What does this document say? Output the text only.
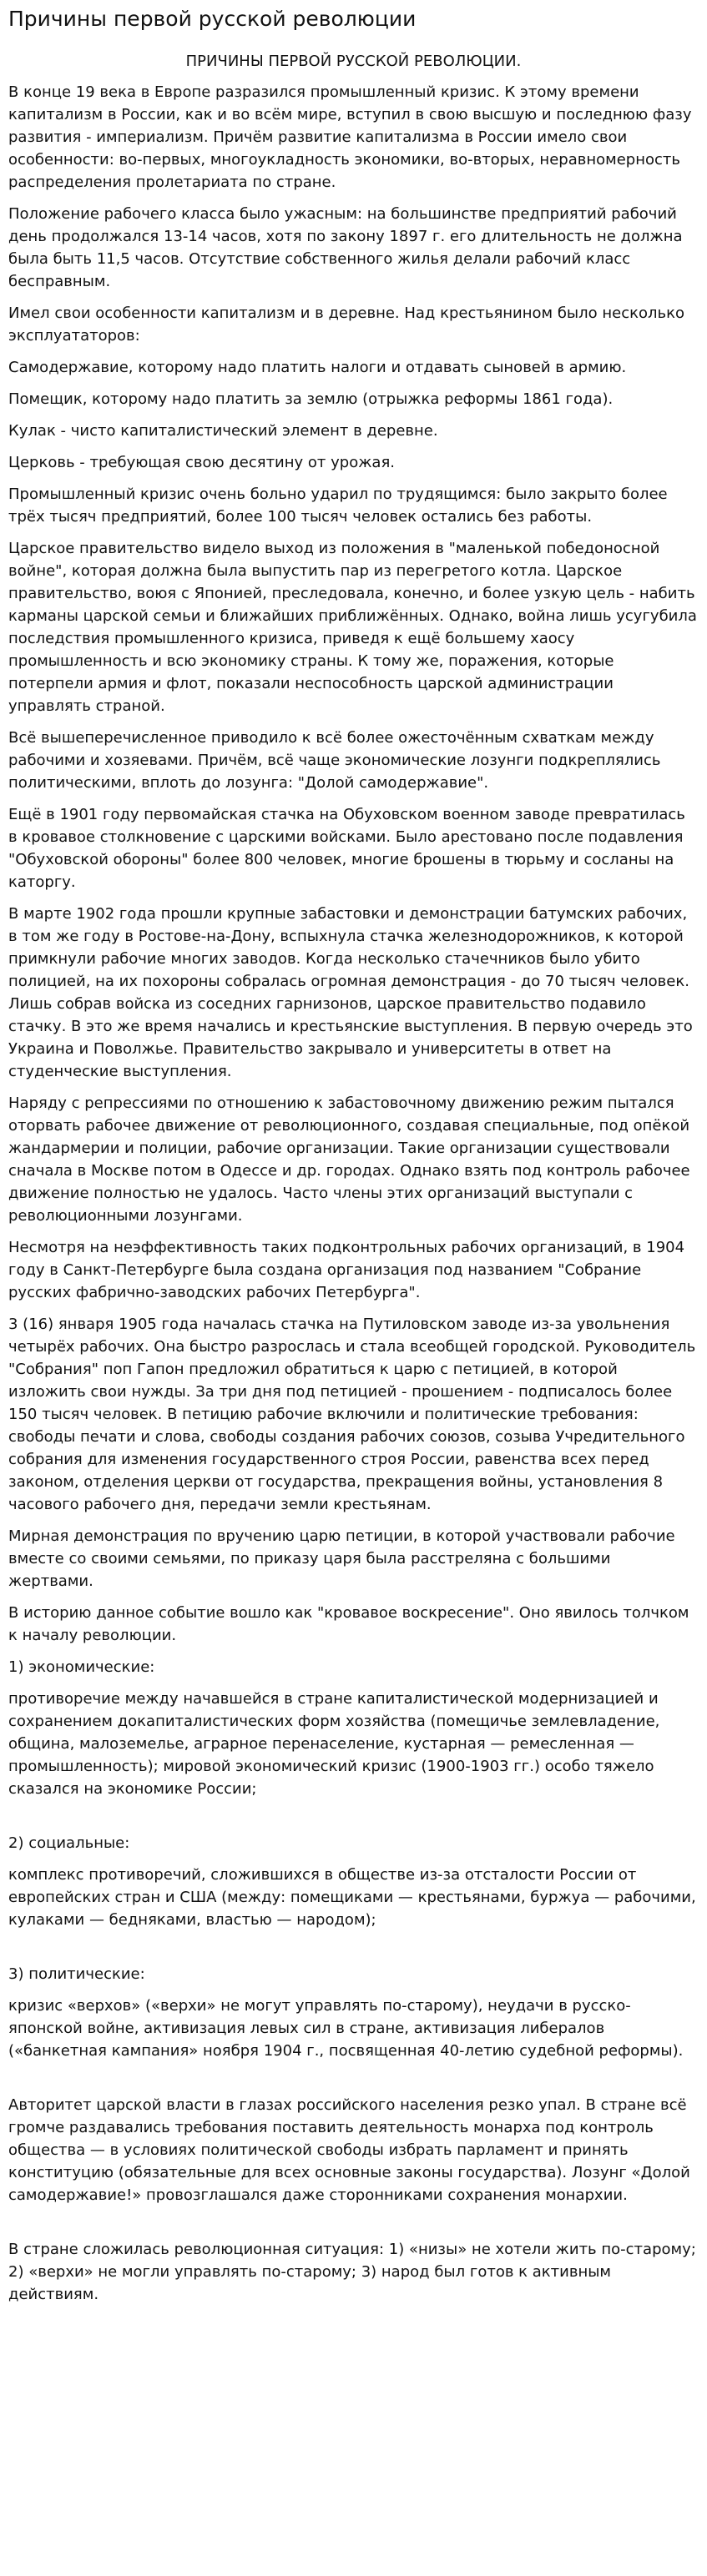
Причины первой русской революции
ПРИЧИНЫ ПЕРВОЙ РУССКОЙ РЕВОЛЮЦИИ.

В конце 19 века в Европе разразился промышленный кризис. К этому времени капитализм в России, как и во всём мире, вступил в свою высшую и последнюю фазу развития - империализм. Причём развитие капитализма в России имело свои особенности: во-первых, многоукладность экономики, во-вторых, неравномерность распределения пролетариата по стране.

Положение рабочего класса было ужасным: на большинстве предприятий рабочий день продолжался 13-14 часов, хотя по закону 1897 г. его длительность не должна была быть 11,5 часов. Отсутствие собственного жилья делали рабочий класс бесправным.

Имел свои особенности капитализм и в деревне. Над крестьянином было несколько эксплуататоров:

Самодержавие, которому надо платить налоги и отдавать сыновей в армию.

Помещик, которому надо платить за землю (отрыжка реформы 1861 года).

Кулак - чисто капиталистический элемент в деревне.

Церковь - требующая свою десятину от урожая.

Промышленный кризис очень больно ударил по трудящимся: было закрыто более трёх тысяч предприятий, более 100 тысяч человек остались без работы.

Царское правительство видело выход из положения в "маленькой победоносной войне", которая должна была выпустить пар из перегретого котла. Царское правительство, воюя с Японией, преследовала, конечно, и более узкую цель - набить карманы царской семьи и ближайших приближённых. Однако, война лишь усугубила последствия промышленного кризиса, приведя к ещё большему хаосу промышленность и всю экономику страны. К тому же, поражения, которые потерпели армия и флот, показали неспособность царской администрации управлять страной.

Всё вышеперечисленное приводило к всё более ожесточённым схваткам между рабочими и хозяевами. Причём, всё чаще экономические лозунги подкреплялись политическими, вплоть до лозунга: "Долой самодержавие".

Ещё в 1901 году первомайская стачка на Обуховском военном заводе превратилась в кровавое столкновение с царскими войсками. Было арестовано после подавления "Обуховской обороны" более 800 человек, многие брошены в тюрьму и сосланы на каторгу.

В марте 1902 года прошли крупные забастовки и демонстрации батумских рабочих, в том же году в Ростове-на-Дону, вспыхнула стачка железнодорожников, к которой примкнули рабочие многих заводов. Когда несколько стачечников было убито полицией, на их похороны собралась огромная демонстрация - до 70 тысяч человек. Лишь собрав войска из соседних гарнизонов, царское правительство подавило стачку. В это же время начались и крестьянские выступления. В первую очередь это Украина и Поволжье. Правительство закрывало и университеты в ответ на студенческие выступления.

Наряду с репрессиями по отношению к забастовочному движению режим пытался оторвать рабочее движение от революционного, создавая специальные, под опёкой жандармерии и полиции, рабочие организации. Такие организации существовали сначала в Москве потом в Одессе и др. городах. Однако взять под контроль рабочее движение полностью не удалось. Часто члены этих организаций выступали с революционными лозунгами.

Несмотря на неэффективность таких подконтрольных рабочих организаций, в 1904 году в Санкт-Петербурге была создана организация под названием "Собрание русских фабрично-заводских рабочих Петербурга".

3 (16) января 1905 года началась стачка на Путиловском заводе из-за увольнения четырёх рабочих. Она быстро разрослась и стала всеобщей городской. Руководитель "Собрания" поп Гапон предложил обратиться к царю с петицией, в которой изложить свои нужды. За три дня под петицией - прошением - подписалось более 150 тысяч человек. В петицию рабочие включили и политические требования: свободы печати и слова, свободы создания рабочих союзов, созыва Учредительного собрания для изменения государственного строя России, равенства всех перед законом, отделения церкви от государства, прекращения войны, установления 8 часового рабочего дня, передачи земли крестьянам.

Мирная демонстрация по вручению царю петиции, в которой участвовали рабочие вместе со своими семьями, по приказу царя была расстреляна с большими жертвами.

В историю данное событие вошло как "кровавое воскресение". Оно явилось толчком к началу революции.

1) экономические:

противоречие между начавшейся в стране капиталистической модернизацией и сохранением докапиталистических форм хозяйства (помещичье землевладение, община, малоземелье, аграрное перенаселение, кустарная — ремесленная — промышленность); мировой экономический кризис (1900-1903 гг.) особо тяжело сказался на экономике России;

2) социальные:

комплекс противоречий, сложившихся в обществе из-за отсталости России от европейских стран и США (между: помещиками — крестьянами, буржуа — рабочими, кулаками — бедняками, властью — народом);

3) политические:

кризис «верхов» («верхи» не могут управлять по-старому), неудачи в русско-японской войне, активизация левых сил в стране, активизация либералов («банкетная кампания» ноября 1904 г., посвященная 40-летию судебной реформы).

Авторитет царской власти в глазах российского населения резко упал. В стране всё громче раздавались требования поставить деятельность монарха под контроль общества — в условиях политической свободы избрать парламент и принять конституцию (обязательные для всех основные законы государства). Лозунг «Долой самодержавие!» провозглашался даже сторонниками сохранения монархии.

В стране сложилась революционная ситуация: 1) «низы» не хотели жить по-старому; 2) «верхи» не могли управлять по-старому; 3) народ был готов к активным действиям.
